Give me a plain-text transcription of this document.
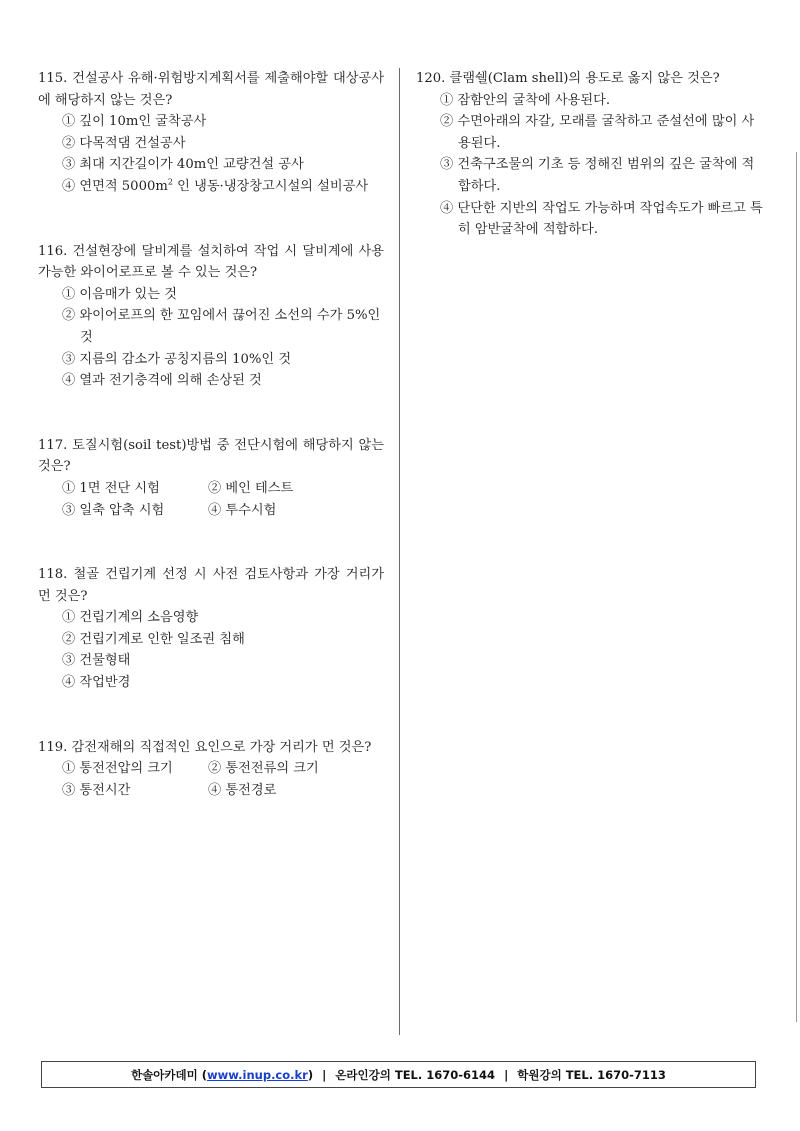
115. 건설공사 유해·위험방지계획서를 제출해야할 대상공사에 해당하지 않는 것은?
① 깊이 10m인 굴착공사
② 다목적댐 건설공사
③ 최대 지간길이가 40m인 교량건설 공사
④ 연면적 $5000m^2$ 인 냉동·냉장창고시설의 설비공사
116. 건설현장에 달비계를 설치하여 작업 시 달비계에 사용가능한 와이어로프로 볼 수 있는 것은?
① 이음매가 있는 것
② 와이어로프의 한 꼬임에서 끊어진 소선의 수가 5%인 것
③ 지름의 감소가 공칭지름의 10%인 것
④ 열과 전기충격에 의해 손상된 것
117. 토질시험(soil test)방법 중 전단시험에 해당하지 않는 것은?
① 1면 전단 시험	② 베인 테스트
③ 일축 압축 시험	④ 투수시험
118. 철골 건립기계 선정 시 사전 검토사항과 가장 거리가 먼 것은?
① 건립기계의 소음영향
② 건립기계로 인한 일조권 침해
③ 건물형태
④ 작업반경
119. 감전재해의 직접적인 요인으로 가장 거리가 먼 것은?
① 통전전압의 크기	② 통전전류의 크기
③ 통전시간	④ 통전경로
120. 클램쉘(Clam shell)의 용도로 옳지 않은 것은?
① 잠함안의 굴착에 사용된다.
② 수면아래의 자갈, 모래를 굴착하고 준설선에 많이 사용된다.
③ 건축구조물의 기초 등 정해진 범위의 깊은 굴착에 적합하다.
④ 단단한 지반의 작업도 가능하며 작업속도가 빠르고 특히 암반굴착에 적합하다.
한솔아카데미 ( www.inup.co.kr ) | 온라인강의 TEL. 1670-6144 | 학원강의 TEL. 1670-7113
